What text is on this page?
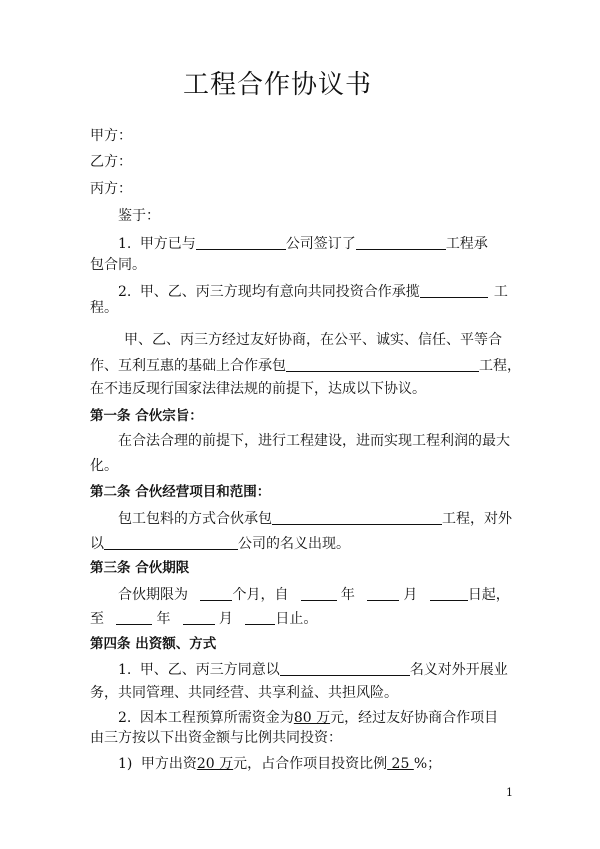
工程合作协议书
甲方：
乙方：
丙方：
鉴于：
1. 甲方已与	公司签订了	工程承
包合同。
2. 甲、乙、丙三方现均有意向共同投资合作承揽	工
程。
甲、乙、丙三方经过友好协商，在公平、诚实、信任、平等合
作、互利互惠的基础上合作承包	工程，
在不违反现行国家法律法规的前提下，达成以下协议。
第一条 合伙宗旨：
在合法合理的前提下，进行工程建设，进而实现工程利润的最大
化。
第二条 合伙经营项目和范围：
包工包料的方式合伙承包	工程，对外
以	公司的名义出现。
第三条 合伙期限
合伙期限为	个月，自	年	月	日起，
至	年	月	日止。
第四条 出资额、方式
1. 甲、乙、丙三方同意以	名义对外开展业
务，共同管理、共同经营、共享利益、共担风险。
2. 因本工程预算所需资金为80 万元，经过友好协商合作项目
由三方按以下出资金额与比例共同投资：
1) 甲方出资20 万元，占合作项目投资比例 25 %；
1
